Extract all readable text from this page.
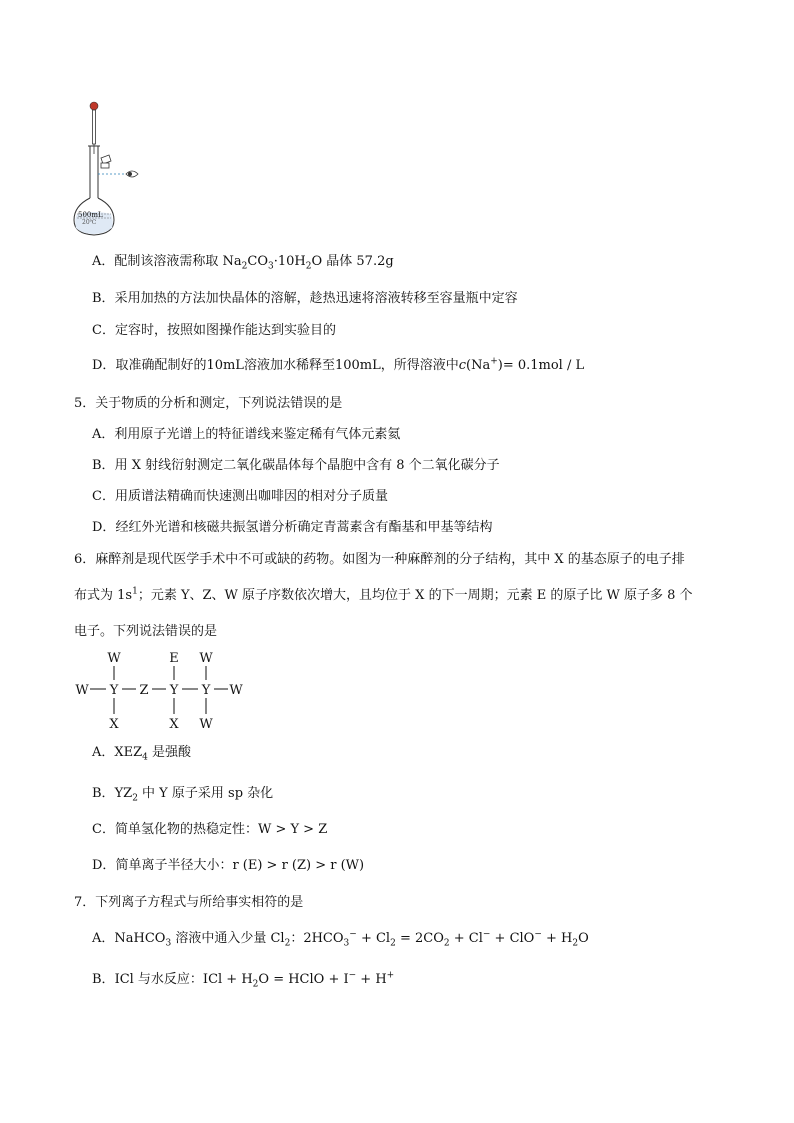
500mL
20℃
A．配制该溶液需称取 $Na_2CO_3\cdot 10H_2O$ 晶体 57.2g
B．采用加热的方法加快晶体的溶解，趁热迅速将溶液转移至容量瓶中定容
C．定容时，按照如图操作能达到实验目的
D．取准确配制好的10mL溶液加水稀释至100mL，所得溶液中c(Na+)= 0.1mol / L
5．关于物质的分析和测定，下列说法错误的是
A．利用原子光谱上的特征谱线来鉴定稀有气体元素氦
B．用 X 射线衍射测定二氧化碳晶体每个晶胞中含有 8 个二氧化碳分子
C．用质谱法精确而快速测出咖啡因的相对分子质量
D．经红外光谱和核磁共振氢谱分析确定青蒿素含有酯基和甲基等结构
6．麻醉剂是现代医学手术中不可或缺的药物。如图为一种麻醉剂的分子结构，其中 X 的基态原子的电子排
布式为 $1s^1$；元素 Y、Z、W 原子序数依次增大，且均位于 X 的下一周期；元素 E 的原子比 W 原子多 8 个
电子。下列说法错误的是
W	E W
W Y Z Y Y W
X	X W
A．$XEZ_4$ 是强酸
B．$YZ_2$ 中 Y 原子采用 sp 杂化
C．简单氢化物的热稳定性：W > Y > Z
D．简单离子半径大小：r (E) > r (Z) > r (W)
7．下列离子方程式与所给事实相符的是
A．NaHCO$_3$ 溶液中通入少量 $Cl_2$：$2HCO_3^- + Cl_2 = 2CO_2 + Cl^- + ClO^- + H_2O$
B．ICl 与水反应：ICl + $H_2O$ = HClO + I− + H+
